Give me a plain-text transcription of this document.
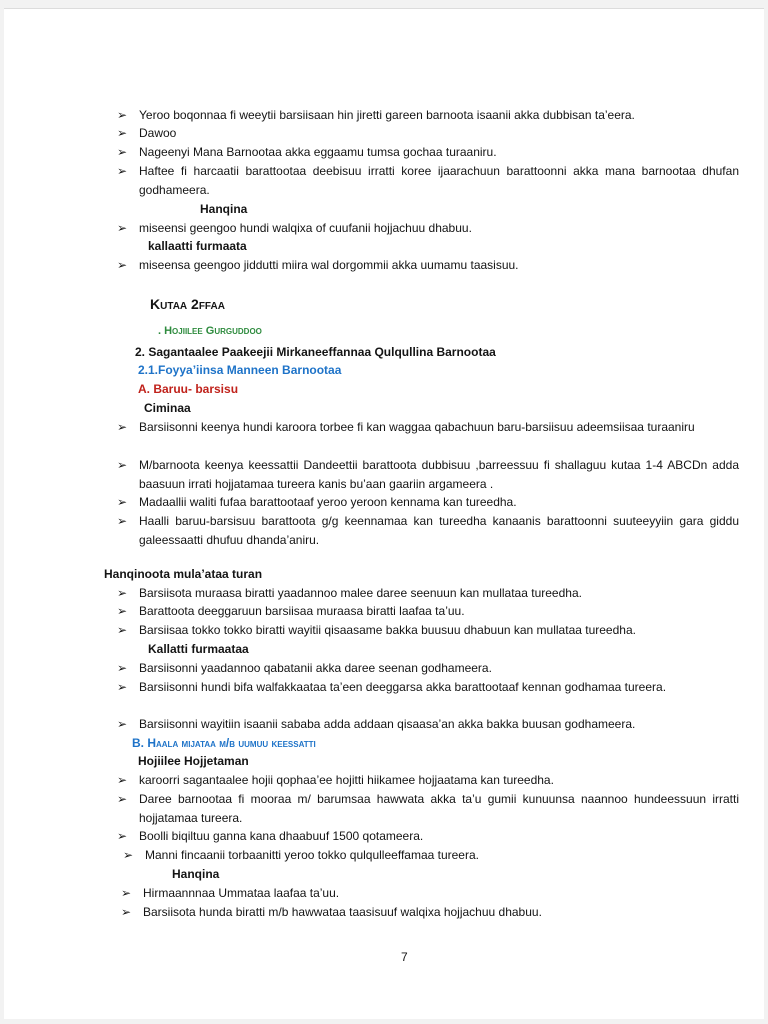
➢ Yeroo boqonnaa fi weeytii barsiisaan hin jiretti gareen barnoota isaanii akka dubbisan ta’eera.
➢ Dawoo
➢ Nageenyi Mana Barnootaa akka eggaamu tumsa gochaa turaaniru.
➢ Haftee fi harcaatii barattootaa deebisuu irratti koree ijaarachuun barattoonni akka mana barnootaa dhufan godhameera.
Hanqina
➢ miseensi geengoo hundi walqixa of cuufanii hojjachuu dhabuu.
kallaatti furmaata
➢ miseensa geengoo jiddutti miira wal dorgommii akka uumamu taasisuu.
Kutaa 2ffaa
. Hojiilee Gurguddoo
2. Sagantaalee Paakeejii Mirkaneeffannaa Qulqullina Barnootaa
2.1.Foyya’iinsa Manneen Barnootaa
A. Baruu- barsisu
Ciminaa
➢ Barsiisonni keenya hundi karoora torbee fi kan waggaa qabachuun baru-barsiisuu adeemsiisaa turaaniru
➢ M/barnoota keenya keessattii Dandeettii barattoota dubbisuu ,barreessuu fi shallaguu kutaa 1-4 ABCDn adda baasuun irrati hojjatamaa tureera kanis bu’aan gaariin argameera .
➢ Madaallii waliti fufaa barattootaaf yeroo yeroon kennama kan tureedha.
➢ Haalli baruu-barsisuu barattoota g/g keennamaa kan tureedha kanaanis barattoonni suuteeyyiin gara giddu galeessaatti dhufuu dhanda’aniru.
Hanqinoota mula’ataa turan
➢ Barsiisota muraasa biratti yaadannoo malee daree seenuun kan mullataa tureedha.
➢ Barattoota deeggaruun barsiisaa muraasa biratti laafaa ta’uu.
➢ Barsiisaa tokko tokko biratti wayitii qisaasame bakka buusuu dhabuun kan mullataa tureedha.
Kallatti furmaataa
➢ Barsiisonni yaadannoo qabatanii akka daree seenan godhameera.
➢ Barsiisonni hundi bifa walfakkaataa ta’een deeggarsa akka barattootaaf kennan godhamaa tureera.
➢ Barsiisonni wayitiin isaanii sababa adda addaan qisaasa’an akka bakka buusan godhameera.
B. Haala mijataa m/b uumuu keessatti
Hojiilee Hojjetaman
➢ karoorri sagantaalee hojii qophaa’ee hojitti hiikamee hojjaatama kan tureedha.
➢ Daree barnootaa fi mooraa m/ barumsaa hawwata akka ta’u gumii kunuunsa naannoo hundeessuun irratti hojjatamaa tureera.
➢ Boolli biqiltuu ganna kana dhaabuuf 1500 qotameera.
➢ Manni fincaanii torbaanitti yeroo tokko qulqulleeffamaa tureera.
Hanqina
➢ Hirmaannnaa Ummataa laafaa ta’uu.
➢ Barsiisota hunda biratti m/b hawwataa taasisuuf walqixa hojjachuu dhabuu.
7
